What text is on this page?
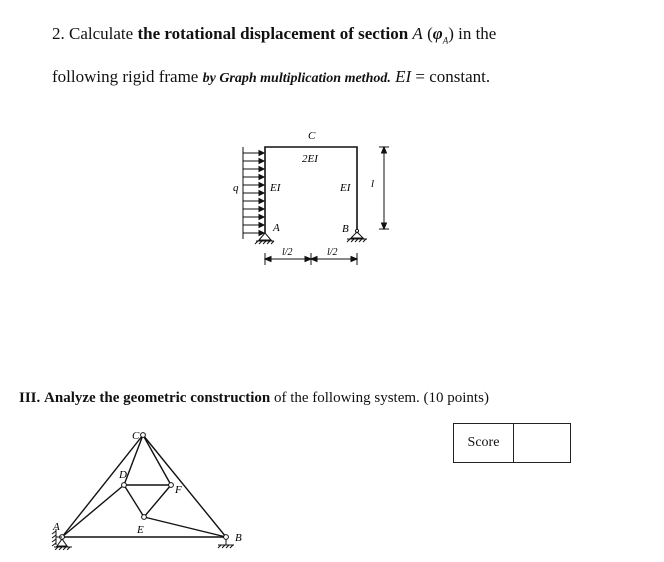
2. Calculate the rotational displacement of section A $(\varphi_A)$ in the
following rigid frame by Graph multiplication method. EI = constant.
C
2EI
q	EI	EI
A	B
l
l/2	l/2
III. Analyze the geometric construction of the following system. (10 points)
Score
A
B
C
D
E
F
